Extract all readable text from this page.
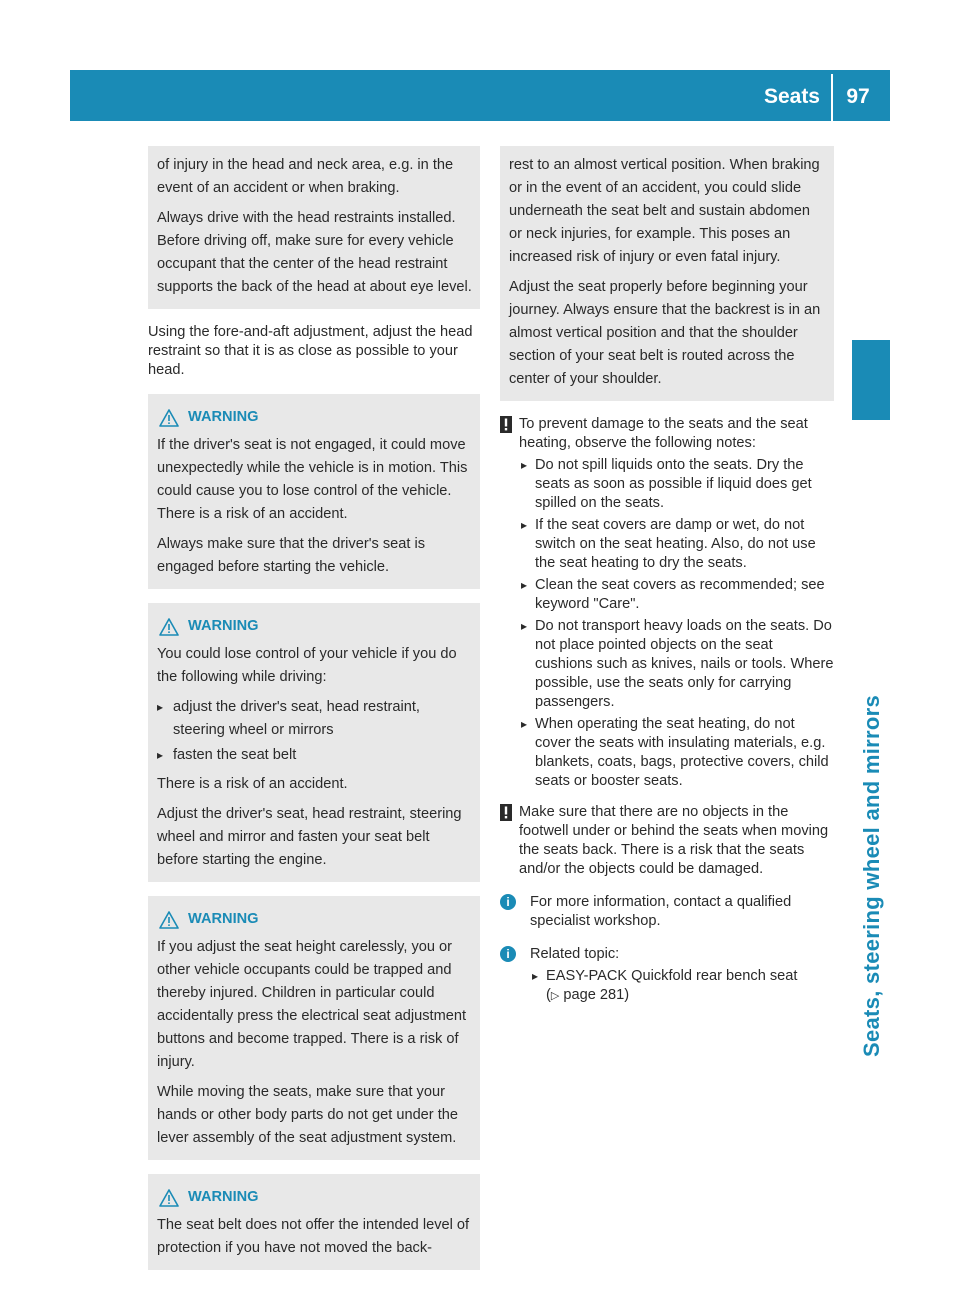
Seats	97
Seats, steering wheel and mirrors

of injury in the head and neck area, e.g. in the event of an accident or when braking.

Always drive with the head restraints installed. Before driving off, make sure for every vehicle occupant that the center of the head restraint supports the back of the head at about eye level.

Using the fore-and-aft adjustment, adjust the head restraint so that it is as close as possible to your head.

WARNING

If the driver's seat is not engaged, it could move unexpectedly while the vehicle is in motion. This could cause you to lose control of the vehicle. There is a risk of an accident.

Always make sure that the driver's seat is engaged before starting the vehicle.

WARNING

You could lose control of your vehicle if you do the following while driving:

▸ adjust the driver's seat, head restraint, steering wheel or mirrors
▸ fasten the seat belt

There is a risk of an accident.

Adjust the driver's seat, head restraint, steering wheel and mirror and fasten your seat belt before starting the engine.

WARNING

If you adjust the seat height carelessly, you or other vehicle occupants could be trapped and thereby injured. Children in particular could accidentally press the electrical seat adjustment buttons and become trapped. There is a risk of injury.

While moving the seats, make sure that your hands or other body parts do not get under the lever assembly of the seat adjustment system.

WARNING

The seat belt does not offer the intended level of protection if you have not moved the back-

rest to an almost vertical position. When braking or in the event of an accident, you could slide underneath the seat belt and sustain abdomen or neck injuries, for example. This poses an increased risk of injury or even fatal injury.

Adjust the seat properly before beginning your journey. Always ensure that the backrest is in an almost vertical position and that the shoulder section of your seat belt is routed across the center of your shoulder.

To prevent damage to the seats and the seat heating, observe the following notes:
▸ Do not spill liquids onto the seats. Dry the seats as soon as possible if liquid does get spilled on the seats.
▸ If the seat covers are damp or wet, do not switch on the seat heating. Also, do not use the seat heating to dry the seats.
▸ Clean the seat covers as recommended; see keyword "Care".
▸ Do not transport heavy loads on the seats. Do not place pointed objects on the seat cushions such as knives, nails or tools. Where possible, use the seats only for carrying passengers.
▸ When operating the seat heating, do not cover the seats with insulating materials, e.g. blankets, coats, bags, protective covers, child seats or booster seats.
Make sure that there are no objects in the footwell under or behind the seats when moving the seats back. There is a risk that the seats and/or the objects could be damaged.
i	For more information, contact a qualified specialist workshop.
i	Related topic:
▸ EASY-PACK Quickfold rear bench seat
(▷ page 281)
